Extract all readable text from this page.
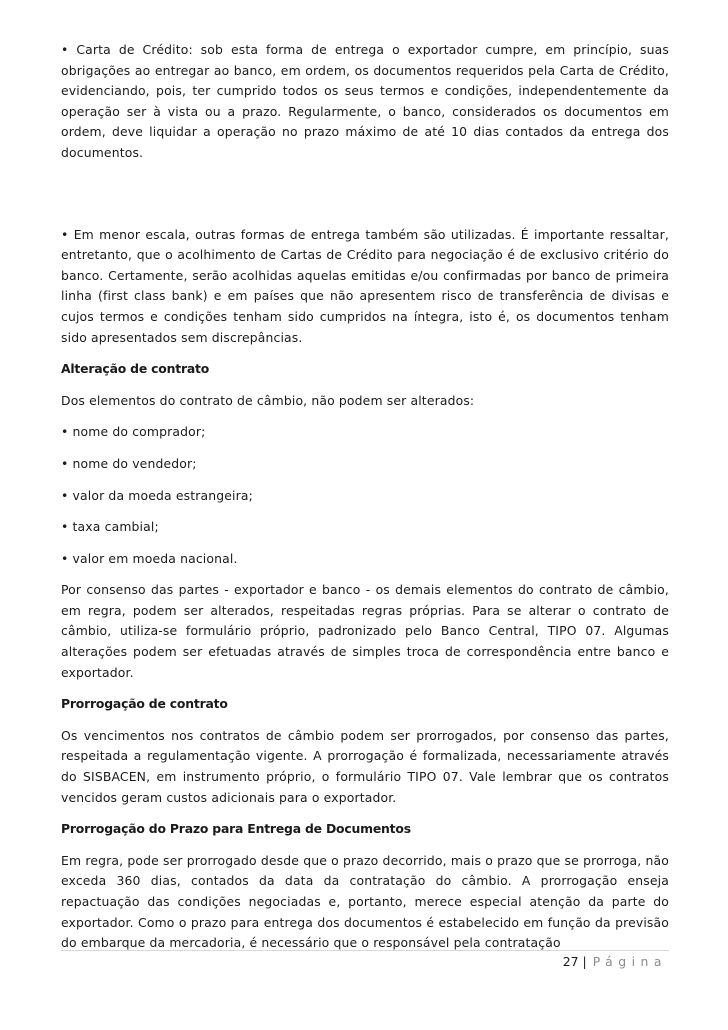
• Carta de Crédito: sob esta forma de entrega o exportador cumpre, em princípio, suas obrigações ao entregar ao banco, em ordem, os documentos requeridos pela Carta de Crédito, evidenciando, pois, ter cumprido todos os seus termos e condições, independentemente da operação ser à vista ou a prazo. Regularmente, o banco, considerados os documentos em ordem, deve liquidar a operação no prazo máximo de até 10 dias contados da entrega dos documentos.

• Em menor escala, outras formas de entrega também são utilizadas. É importante ressaltar, entretanto, que o acolhimento de Cartas de Crédito para negociação é de exclusivo critério do banco. Certamente, serão acolhidas aquelas emitidas e/ou confirmadas por banco de primeira linha (first class bank) e em países que não apresentem risco de transferência de divisas e cujos termos e condições tenham sido cumpridos na íntegra, isto é, os documentos tenham sido apresentados sem discrepâncias.

Alteração de contrato

Dos elementos do contrato de câmbio, não podem ser alterados:

• nome do comprador;

• nome do vendedor;

• valor da moeda estrangeira;

• taxa cambial;

• valor em moeda nacional.

Por consenso das partes - exportador e banco - os demais elementos do contrato de câmbio, em regra, podem ser alterados, respeitadas regras próprias. Para se alterar o contrato de câmbio, utiliza-se formulário próprio, padronizado pelo Banco Central, TIPO 07. Algumas alterações podem ser efetuadas através de simples troca de correspondência entre banco e exportador.

Prorrogação de contrato

Os vencimentos nos contratos de câmbio podem ser prorrogados, por consenso das partes, respeitada a regulamentação vigente. A prorrogação é formalizada, necessariamente através do SISBACEN, em instrumento próprio, o formulário TIPO 07. Vale lembrar que os contratos vencidos geram custos adicionais para o exportador.

Prorrogação do Prazo para Entrega de Documentos

Em regra, pode ser prorrogado desde que o prazo decorrido, mais o prazo que se prorroga, não exceda 360 dias, contados da data da contratação do câmbio. A prorrogação enseja repactuação das condições negociadas e, portanto, merece especial atenção da parte do exportador. Como o prazo para entrega dos documentos é estabelecido em função da previsão do embarque da mercadoria, é necessário que o responsável pela contratação

27 | Página
